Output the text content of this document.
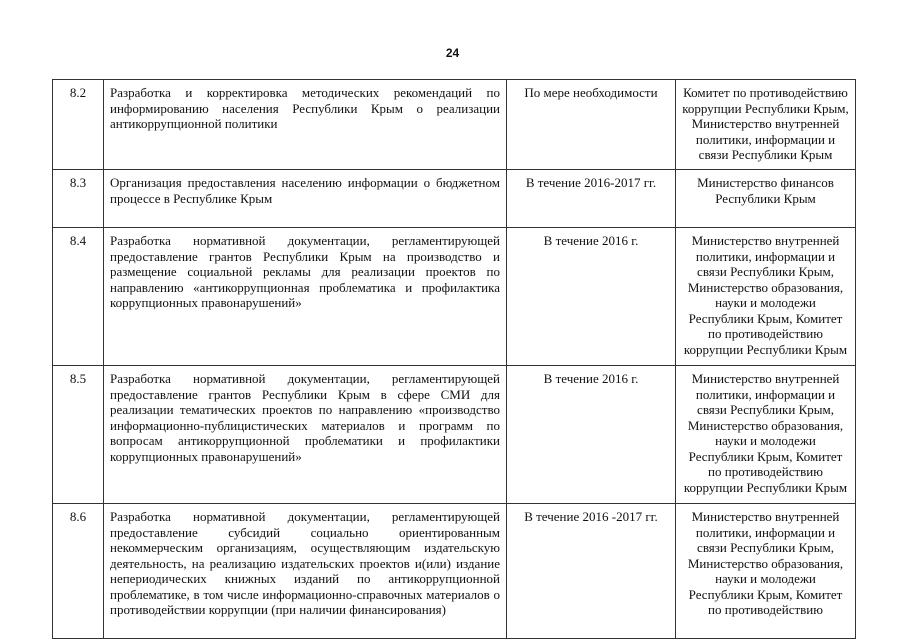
24
8.2	Разработка и корректировка методических рекомендаций по информированию населения Республики Крым о реализации антикоррупционной политики	По мере необходимости	Комитет по противодействию коррупции Республики Крым, Министерство внутренней политики, информации и связи Республики Крым
8.3	Организация предоставления населению информации о бюджетном процессе в Республике Крым	В течение 2016-2017 гг.	Министерство финансов Республики Крым
8.4	Разработка нормативной документации, регламентирующей предоставление грантов Республики Крым на производство и размещение социальной рекламы для реализации проектов по направлению «антикоррупционная проблематика и профилактика коррупционных правонарушений»	В течение 2016 г.	Министерство внутренней политики, информации и связи Республики Крым, Министерство образования, науки и молодежи Республики Крым, Комитет по противодействию коррупции Республики Крым
8.5	Разработка нормативной документации, регламентирующей предоставление грантов Республики Крым в сфере СМИ для реализации тематических проектов по направлению «производство информационно-публицистических материалов и программ по вопросам антикоррупционной проблематики и профилактики коррупционных правонарушений»	В течение 2016 г.	Министерство внутренней политики, информации и связи Республики Крым, Министерство образования, науки и молодежи Республики Крым, Комитет по противодействию коррупции Республики Крым
8.6	Разработка нормативной документации, регламентирующей предоставление субсидий социально ориентированным некоммерческим организациям, осуществляющим издательскую деятельность, на реализацию издательских проектов и(или) издание непериодических книжных изданий по антикоррупционной проблематике, в том числе информационно-справочных материалов о противодействии коррупции (при наличии финансирования)	В течение 2016 -2017 гг.	Министерство внутренней политики, информации и связи Республики Крым, Министерство образования, науки и молодежи Республики Крым, Комитет по противодействию
